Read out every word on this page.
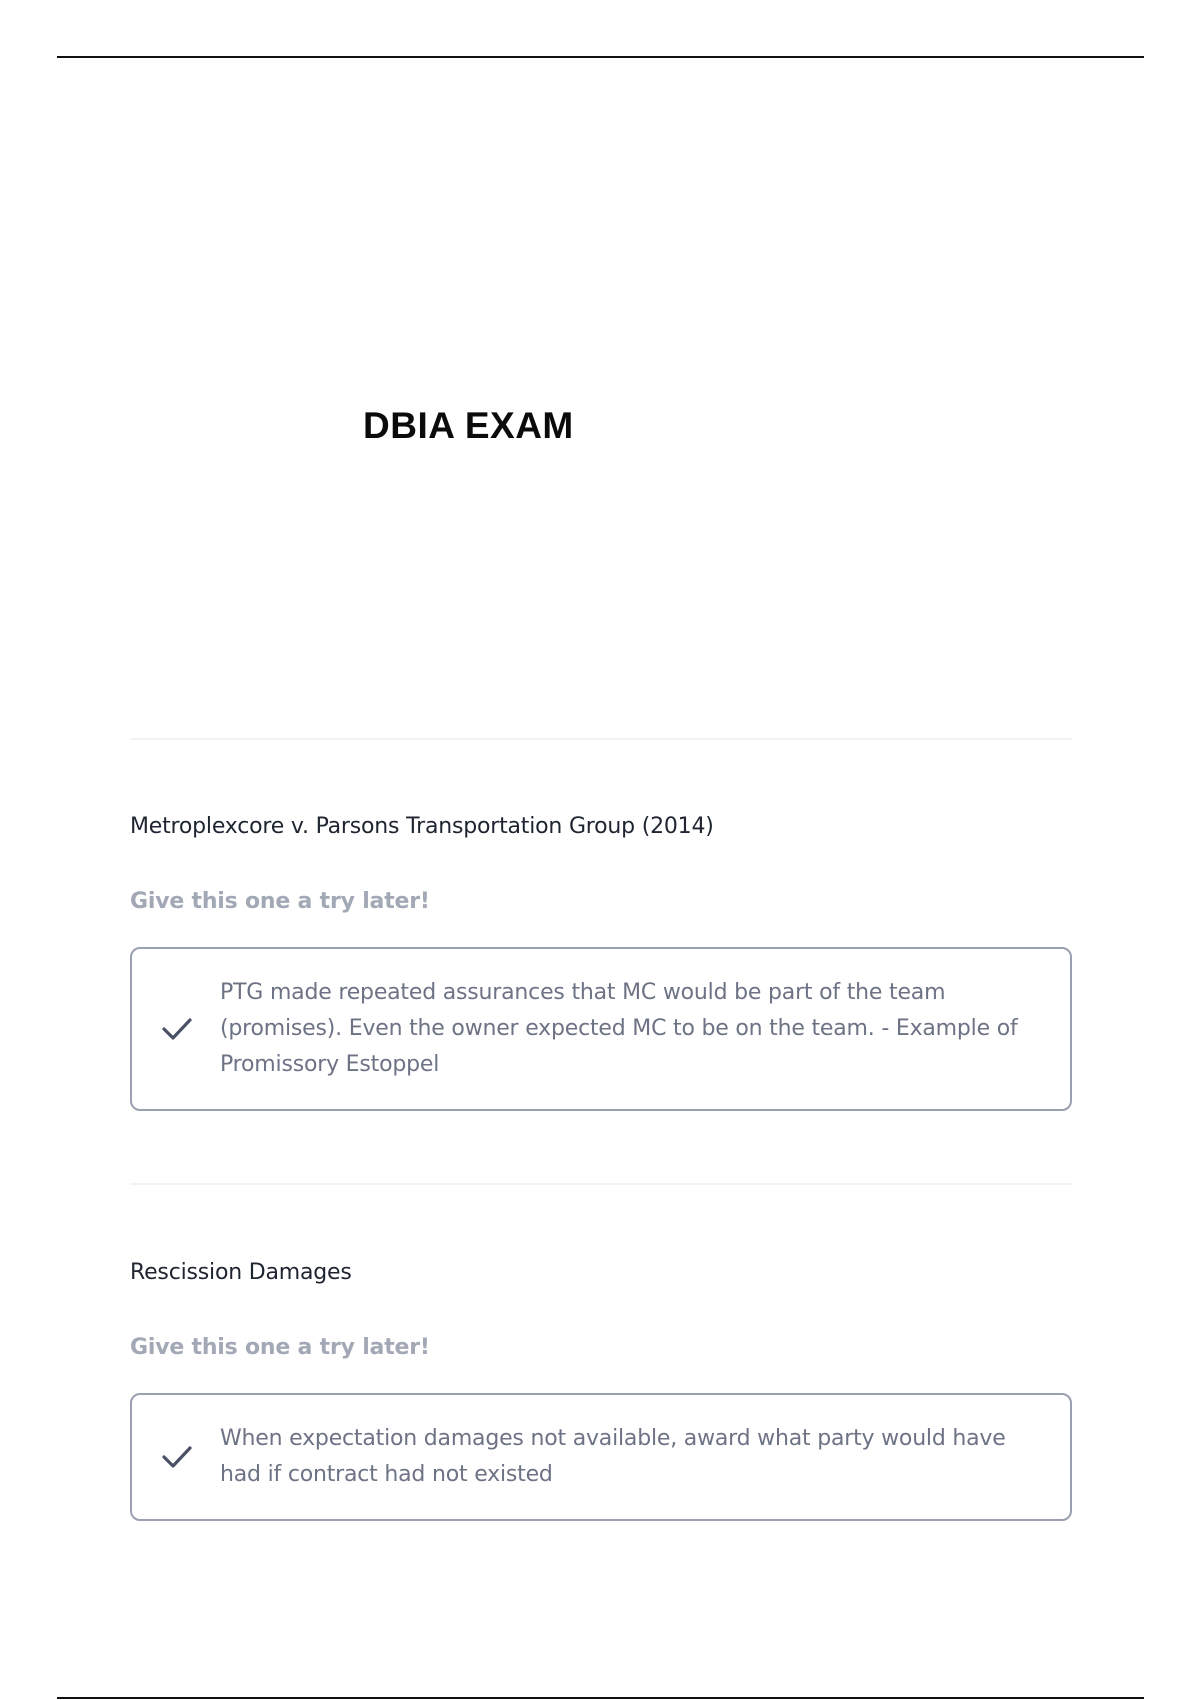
DBIA EXAM

Metroplexcore v. Parsons Transportation Group (2014)

Give this one a try later!

PTG made repeated assurances that MC would be part of the team (promises). Even the owner expected MC to be on the team. - Example of Promissory Estoppel

Rescission Damages

Give this one a try later!

When expectation damages not available, award what party would have had if contract had not existed
